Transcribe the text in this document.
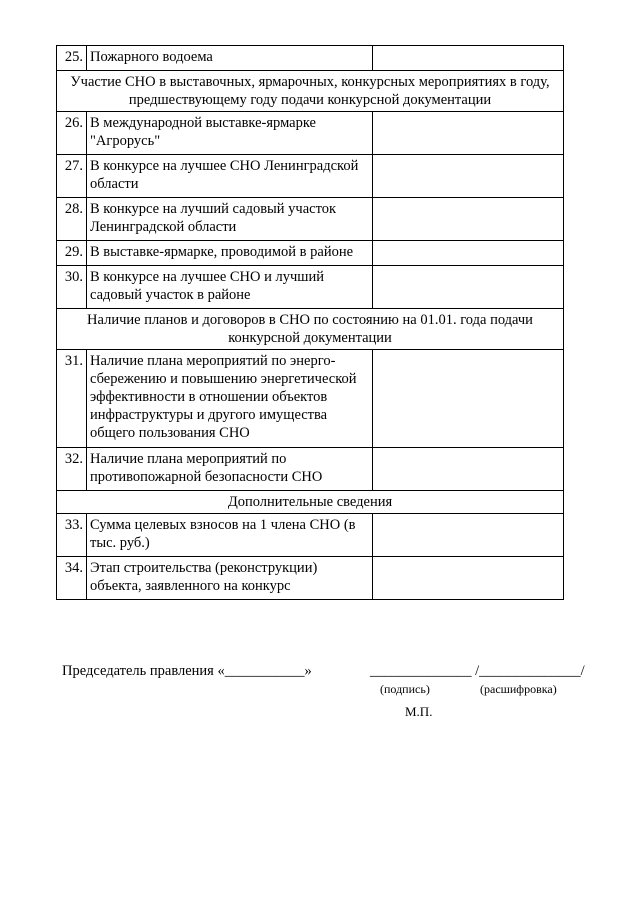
25.	Пожарного водоема	
Участие СНО в выставочных, ярмарочных, конкурсных мероприятиях в году, предшествующему году подачи конкурсной документации		
26.	В международной выставке-ярмарке "Агрорусь"	
27.	В конкурсе на лучшее СНО Ленинградской области	
28.	В конкурсе на лучший садовый участок Ленинградской области	
29.	В выставке-ярмарке, проводимой в районе	
30.	В конкурсе на лучшее СНО и лучший садовый участок в районе	
Наличие планов и договоров в СНО по состоянию на 01.01. года подачи конкурсной документации		
31.	Наличие плана мероприятий по энерго-сбережению и повышению энергетической эффективности в отношении объектов инфраструктуры и другого имущества общего пользования СНО	
32.	Наличие плана мероприятий по противопожарной безопасности СНО	
Дополнительные сведения		
33.	Сумма целевых взносов на 1 члена СНО (в тыс. руб.)	
34.	Этап строительства (реконструкции) объекта, заявленного на конкурс	
Председатель правления «___________»	______________ /______________/
(подпись)	(расшифровка)
М.П.
